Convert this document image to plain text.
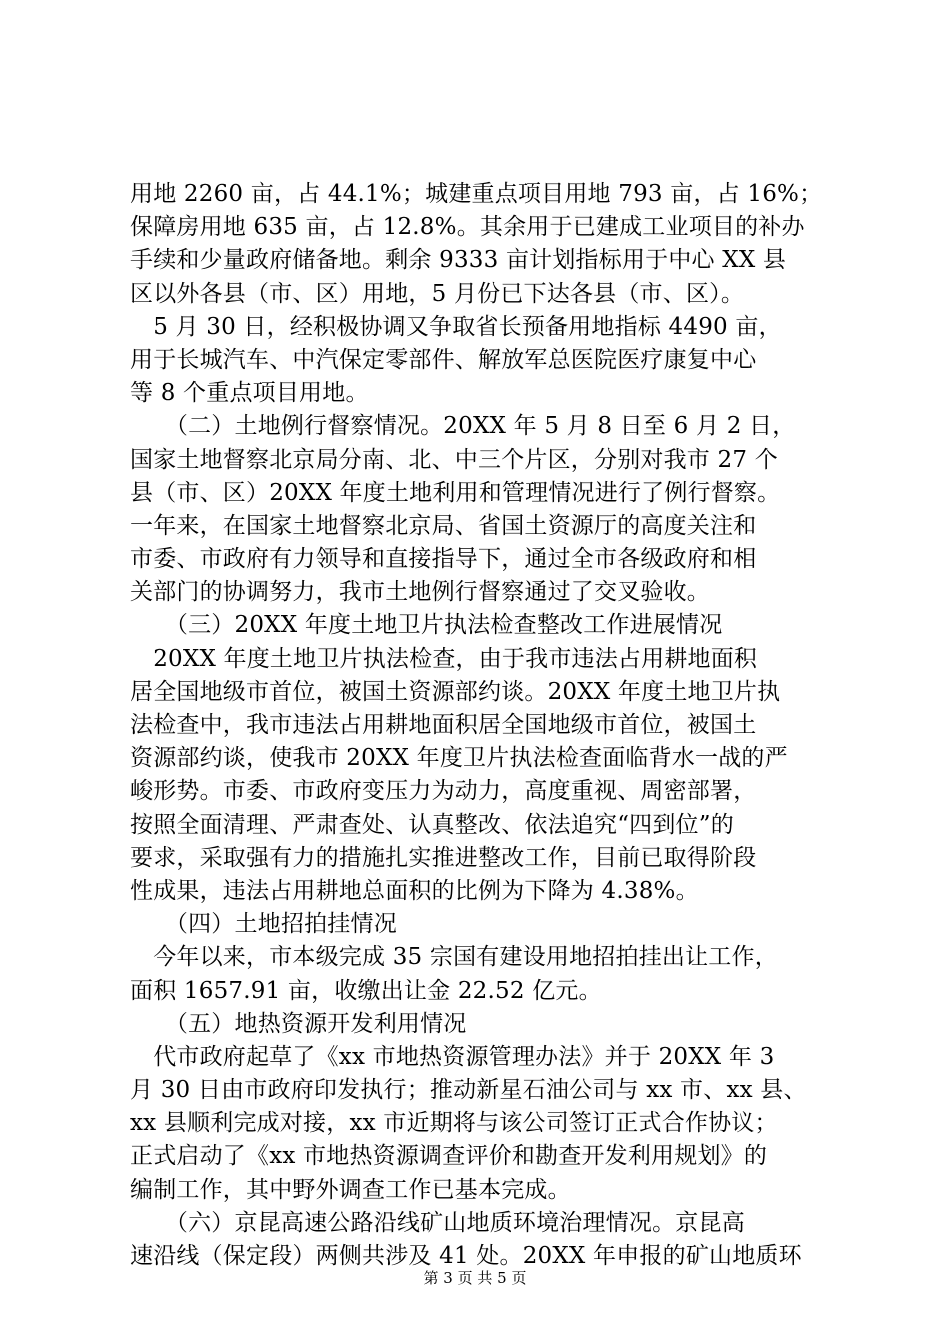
用地 2260 亩，占 44.1%；城建重点项目用地 793 亩，占 16%；
保障房用地 635 亩，占 12.8%。其余用于已建成工业项目的补办
手续和少量政府储备地。剩余 9333 亩计划指标用于中心 XX 县
区以外各县（市、区）用地，5 月份已下达各县（市、区）。
　5 月 30 日，经积极协调又争取省长预备用地指标 4490 亩，
用于长城汽车、中汽保定零部件、解放军总医院医疗康复中心
等 8 个重点项目用地。
　　（二）土地例行督察情况。20XX 年 5 月 8 日至 6 月 2 日，
国家土地督察北京局分南、北、中三个片区，分别对我市 27 个
县（市、区）20XX 年度土地利用和管理情况进行了例行督察。
一年来，在国家土地督察北京局、省国土资源厅的高度关注和
市委、市政府有力领导和直接指导下，通过全市各级政府和相
关部门的协调努力，我市土地例行督察通过了交叉验收。
　　（三）20XX 年度土地卫片执法检查整改工作进展情况
　20XX 年度土地卫片执法检查，由于我市违法占用耕地面积
居全国地级市首位，被国土资源部约谈。20XX 年度土地卫片执
法检查中，我市违法占用耕地面积居全国地级市首位，被国土
资源部约谈，使我市 20XX 年度卫片执法检查面临背水一战的严
峻形势。市委、市政府变压力为动力，高度重视、周密部署，
按照全面清理、严肃查处、认真整改、依法追究“四到位”的
要求，采取强有力的措施扎实推进整改工作，目前已取得阶段
性成果，违法占用耕地总面积的比例为下降为 4.38%。
　　（四）土地招拍挂情况
　今年以来，市本级完成 35 宗国有建设用地招拍挂出让工作，
面积 1657.91 亩，收缴出让金 22.52 亿元。
　　（五）地热资源开发利用情况
　代市政府起草了《xx 市地热资源管理办法》并于 20XX 年 3
月 30 日由市政府印发执行；推动新星石油公司与 xx 市、xx 县、
xx 县顺利完成对接，xx 市近期将与该公司签订正式合作协议；
正式启动了《xx 市地热资源调查评价和勘查开发利用规划》的
编制工作，其中野外调查工作已基本完成。
　　（六）京昆高速公路沿线矿山地质环境治理情况。京昆高
速沿线（保定段）两侧共涉及 41 处。20XX 年申报的矿山地质环
第 3 页 共 5 页
